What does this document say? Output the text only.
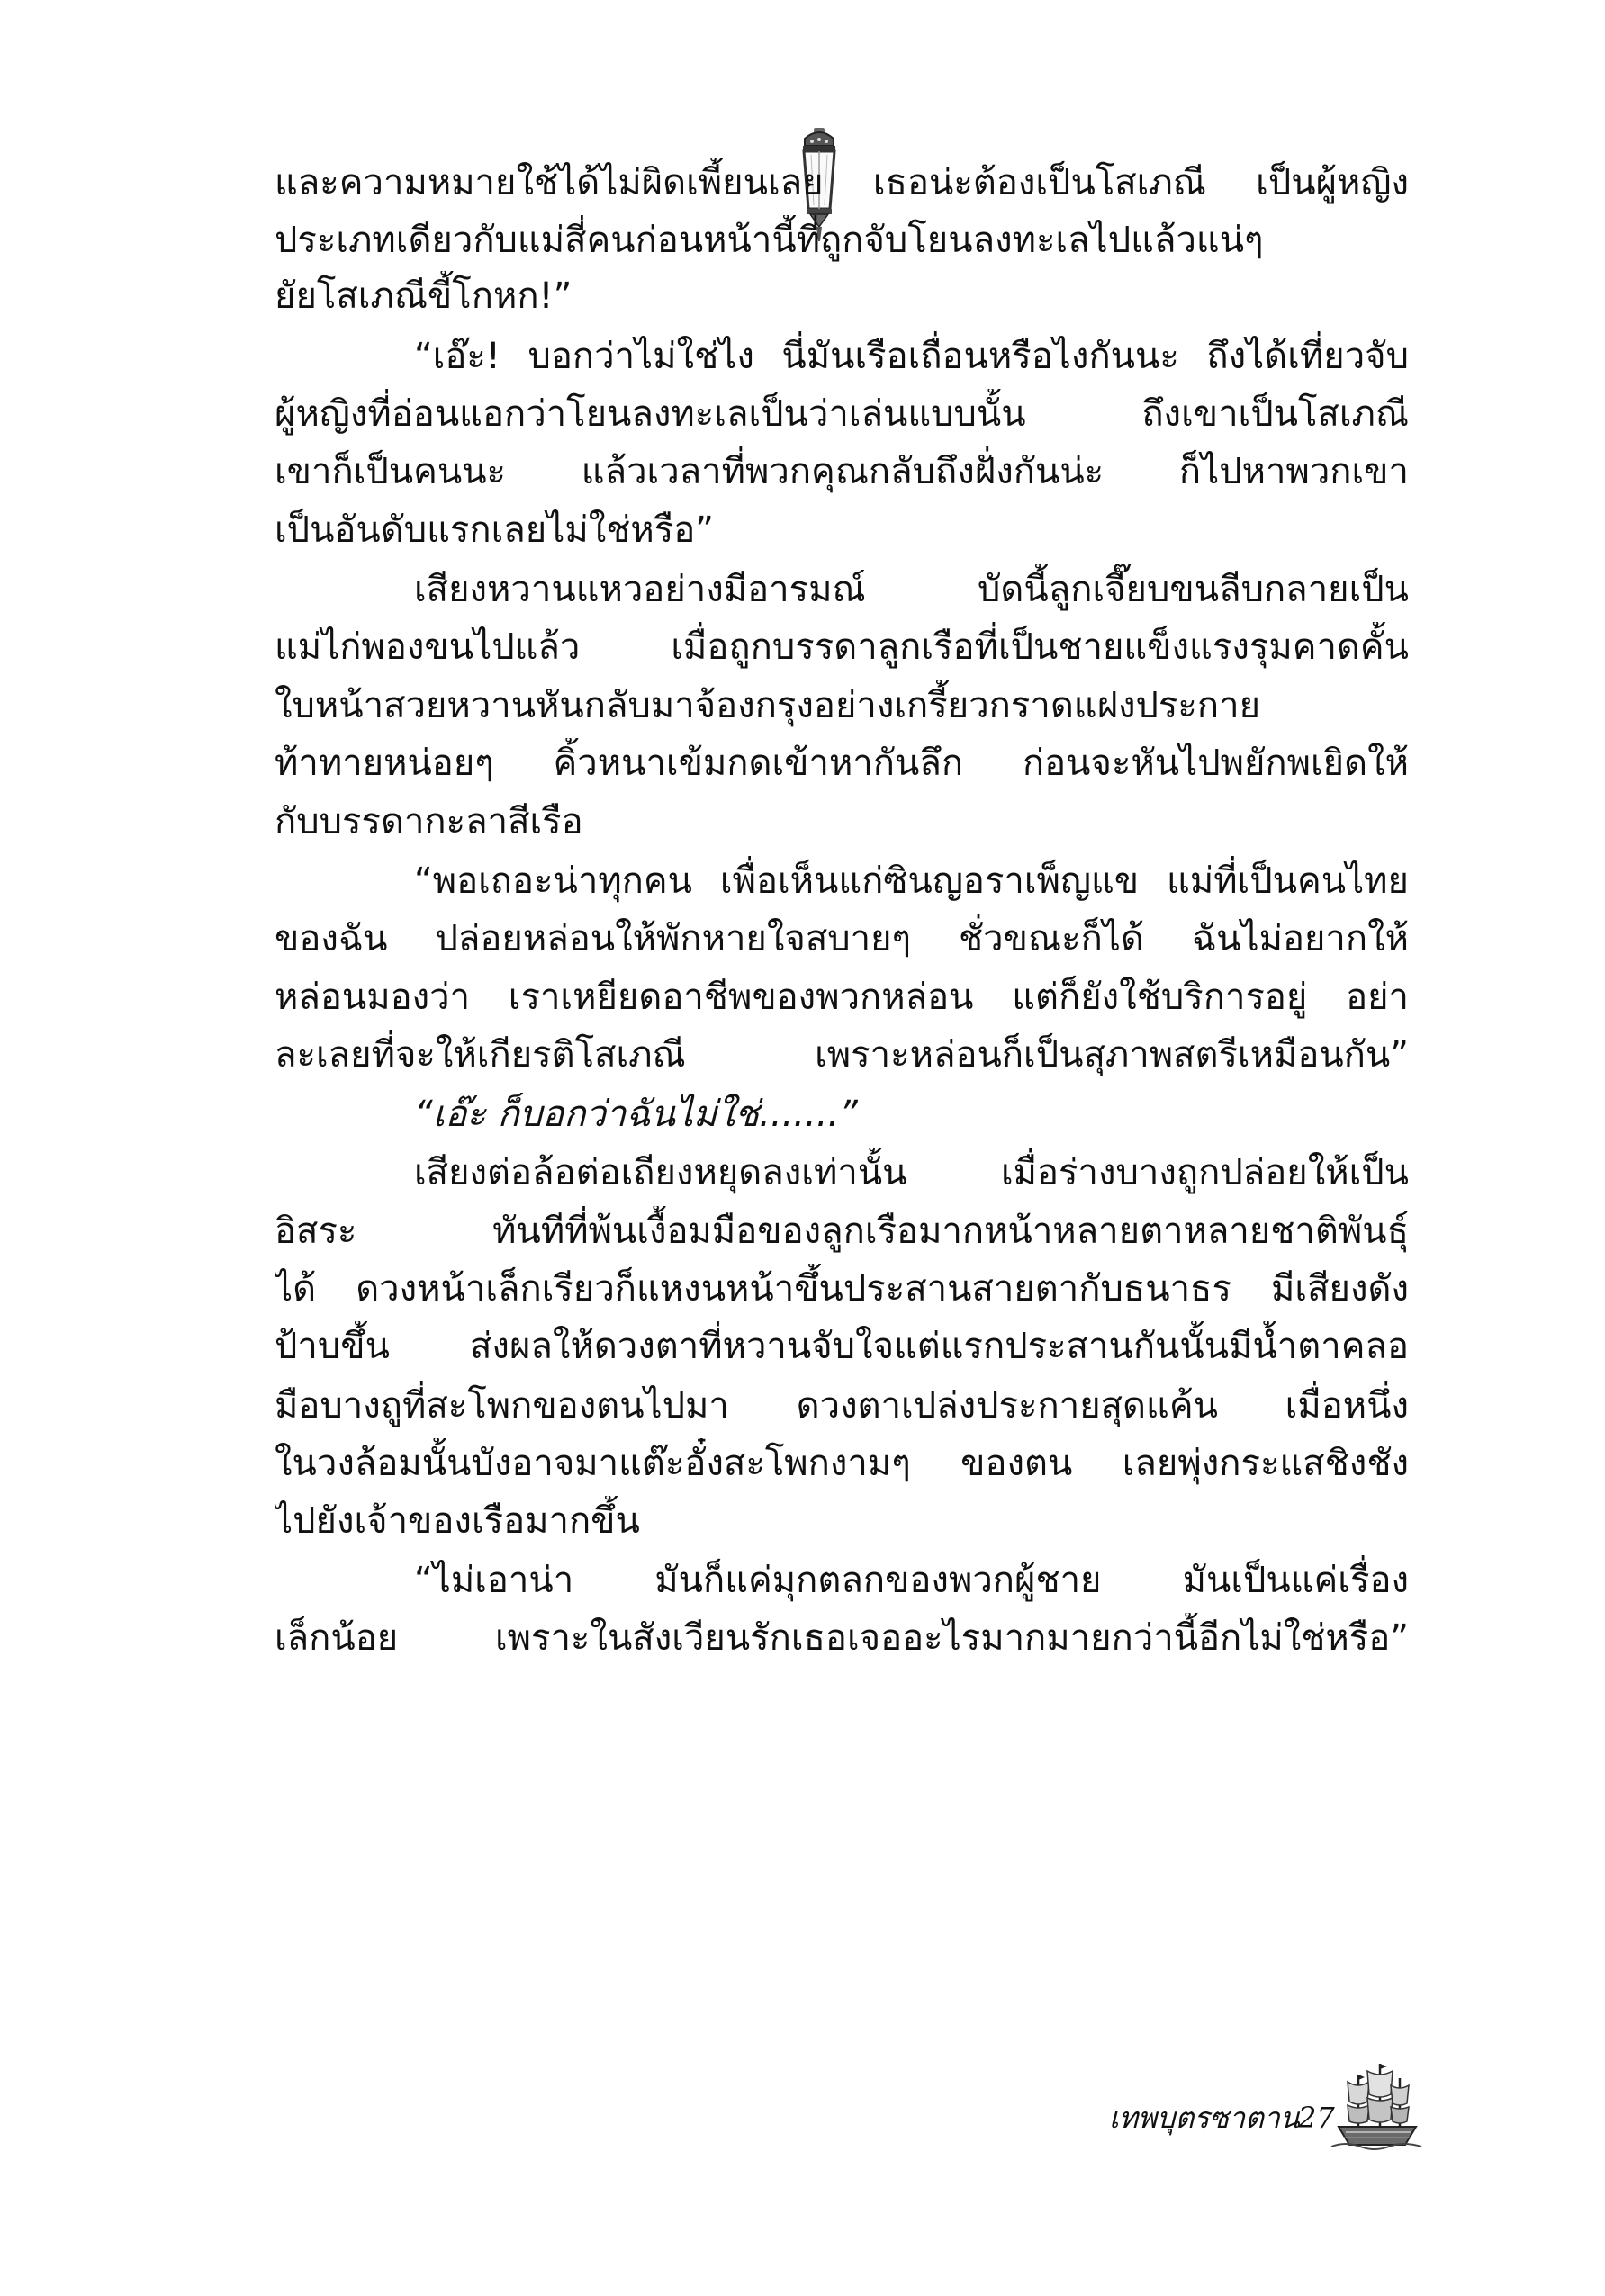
และความหมายใช้ได้ไม่ผิดเพี้ยนเลย เธอน่ะต้องเป็นโสเภณี เป็นผู้หญิง
ประเภทเดียวกับแม่สี่คนก่อนหน้านี้ที่ถูกจับโยนลงทะเลไปแล้วแน่ๆ
ยัยโสเภณีขี้โกหก!”
“เอ๊ะ! บอกว่าไม่ใช่ไง นี่มันเรือเถื่อนหรือไงกันนะ ถึงได้เที่ยวจับ
ผู้หญิงที่อ่อนแอกว่าโยนลงทะเลเป็นว่าเล่นแบบนั้น ถึงเขาเป็นโสเภณี
เขาก็เป็นคนนะ แล้วเวลาที่พวกคุณกลับถึงฝั่งกันน่ะ ก็ไปหาพวกเขา
เป็นอันดับแรกเลยไม่ใช่หรือ”
เสียงหวานแหวอย่างมีอารมณ์ บัดนี้ลูกเจี๊ยบขนลีบกลายเป็น
แม่ไก่พองขนไปแล้ว เมื่อถูกบรรดาลูกเรือที่เป็นชายแข็งแรงรุมคาดคั้น
ใบหน้าสวยหวานหันกลับมาจ้องกรุงอย่างเกรี้ยวกราดแฝงประกาย
ท้าทายหน่อยๆ คิ้วหนาเข้มกดเข้าหากันลึก ก่อนจะหันไปพยักพเยิดให้
กับบรรดากะลาสีเรือ
“พอเถอะน่าทุกคน เพื่อเห็นแก่ซินญอราเพ็ญแข แม่ที่เป็นคนไทย
ของฉัน ปล่อยหล่อนให้พักหายใจสบายๆ ชั่วขณะก็ได้ ฉันไม่อยากให้
หล่อนมองว่า เราเหยียดอาชีพของพวกหล่อน แต่ก็ยังใช้บริการอยู่ อย่า
ละเลยที่จะให้เกียรติโสเภณี เพราะหล่อนก็เป็นสุภาพสตรีเหมือนกัน”
“เอ๊ะ ก็บอกว่าฉันไม่ใช่.......”
เสียงต่อล้อต่อเถียงหยุดลงเท่านั้น เมื่อร่างบางถูกปล่อยให้เป็น
อิสระ ทันทีที่พ้นเงื้อมมือของลูกเรือมากหน้าหลายตาหลายชาติพันธุ์
ได้ ดวงหน้าเล็กเรียวก็แหงนหน้าขึ้นประสานสายตากับธนาธร มีเสียงดัง
ป้าบขึ้น ส่งผลให้ดวงตาที่หวานจับใจแต่แรกประสานกันนั้นมีน้ำตาคลอ
มือบางถูที่สะโพกของตนไปมา ดวงตาเปล่งประกายสุดแค้น เมื่อหนึ่ง
ในวงล้อมนั้นบังอาจมาแต๊ะอั๋งสะโพกงามๆ ของตน เลยพุ่งกระแสชิงชัง
ไปยังเจ้าของเรือมากขึ้น
“ไม่เอาน่า มันก็แค่มุกตลกของพวกผู้ชาย มันเป็นแค่เรื่อง
เล็กน้อย เพราะในสังเวียนรักเธอเจออะไรมากมายกว่านี้อีกไม่ใช่หรือ”
เทพบุตรซาตาน
27
